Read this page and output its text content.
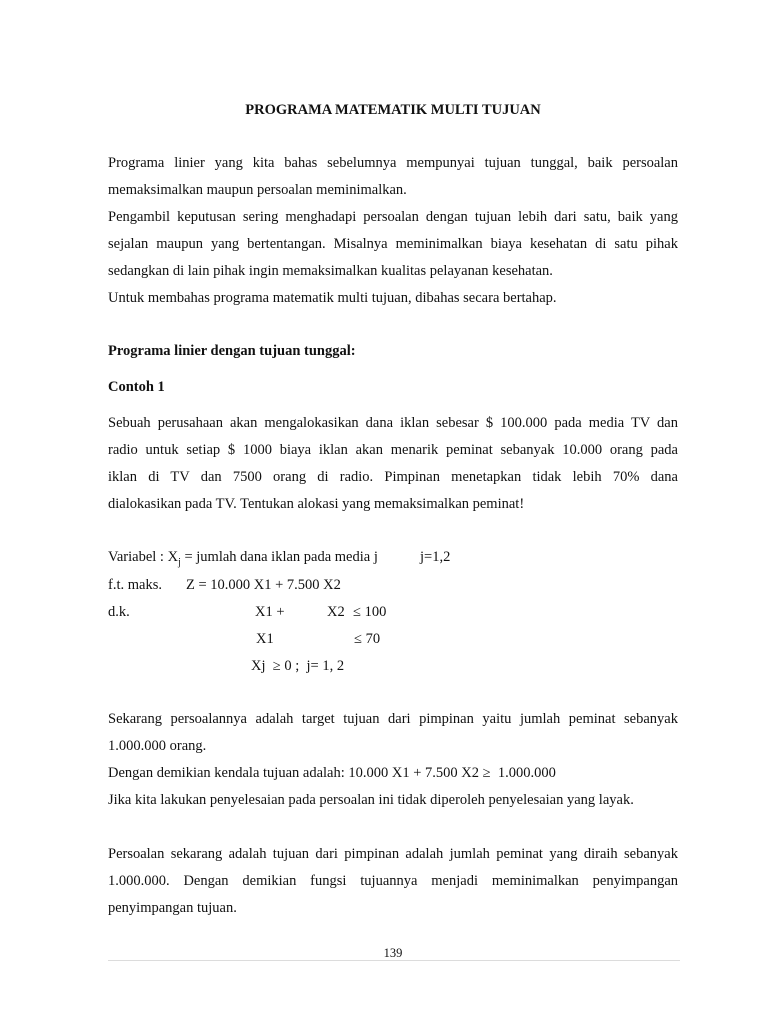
PROGRAMA MATEMATIK MULTI TUJUAN
Programa linier yang kita bahas sebelumnya mempunyai tujuan tunggal, baik persoalan
memaksimalkan maupun persoalan meminimalkan.
Pengambil keputusan sering menghadapi persoalan dengan tujuan lebih dari satu, baik yang
sejalan maupun yang bertentangan. Misalnya meminimalkan biaya kesehatan di satu pihak
sedangkan di lain pihak ingin memaksimalkan kualitas pelayanan kesehatan.
Untuk membahas programa matematik multi tujuan, dibahas secara bertahap.
Programa linier dengan tujuan tunggal:
Contoh 1
Sebuah perusahaan akan mengalokasikan dana iklan sebesar $ 100.000 pada media TV dan
radio untuk setiap $ 1000 biaya iklan akan menarik peminat sebanyak 10.000 orang pada
iklan di TV dan 7500 orang di radio. Pimpinan menetapkan tidak lebih 70% dana
dialokasikan pada TV. Tentukan alokasi yang memaksimalkan peminat!
Variabel : $X_j$ = jumlah dana iklan pada media j	j=1,2
f.t. maks. Z = 10.000 X1 + 7.500 X2
d.k.	X1 +	X2 ≤ 100
X1	≤ 70
Xj  ≥ 0 ;  j= 1, 2
Sekarang persoalannya adalah target tujuan dari pimpinan yaitu jumlah peminat sebanyak
1.000.000 orang.
Dengan demikian kendala tujuan adalah: 10.000 X1 + 7.500 X2 ≥  1.000.000
Jika kita lakukan penyelesaian pada persoalan ini tidak diperoleh penyelesaian yang layak.
Persoalan sekarang adalah tujuan dari pimpinan adalah jumlah peminat yang diraih sebanyak
1.000.000. Dengan demikian fungsi tujuannya menjadi meminimalkan penyimpangan
penyimpangan tujuan.
139
